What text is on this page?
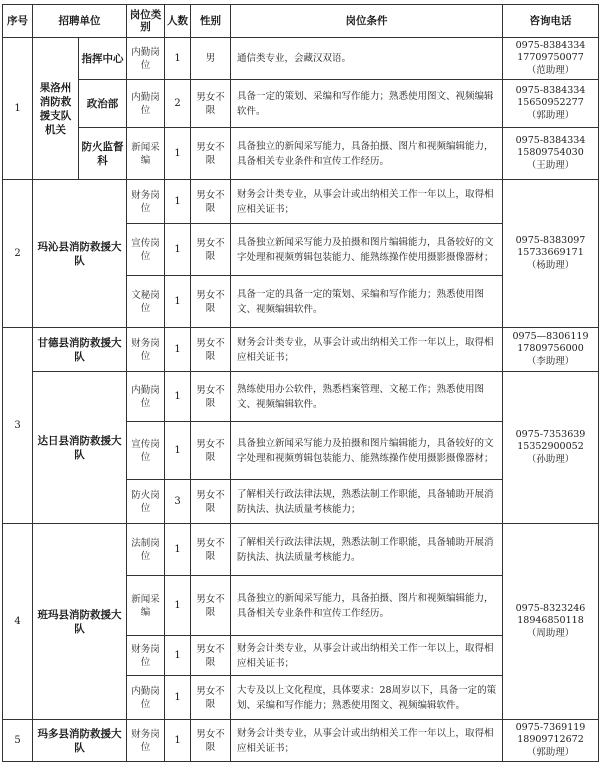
序号	招聘单位		岗位类别	人数	性别	岗位条件	咨询电话
1	果洛州消防救援支队机关	指挥中心	内勤岗位	1	男	通信类专业，会藏汉双语。	0975-8384334
17709750077
（范助理）

		政治部	内勤岗位	2	男女不限	具备一定的策划、采编和写作能力；熟悉使用图文、视频编辑软件。	0975-8384334
15650952277
（郭助理）

		防火监督科	新闻采编	1	男女不限	具备独立的新闻采写能力，具备拍摄、图片和视频编辑能力，具备相关专业条件和宣传工作经历。	0975-8384334
15809754030
（王助理）

2	玛沁县消防救援大队		财务岗位	1	男女不限	财务会计类专业，从事会计或出纳相关工作一年以上，取得相应相关证书；	0975-8383097
15733669171
（杨助理）

			宣传岗位	1	男女不限	具备独立新闻采写能力及拍摄和图片编辑能力，具备较好的文字处理和视频剪辑包装能力、能熟练操作使用摄影摄像器材；	
			文秘岗位	1	男女不限	具备一定的具备一定的策划、采编和写作能力；熟悉使用图文、视频编辑软件。	
3	甘德县消防救援大队		财务岗位	1	男女不限	财务会计类专业，从事会计或出纳相关工作一年以上，取得相应相关证书；	0975—8306119
17809756000
（李助理）

	达日县消防救援大队		内勤岗位	1	男女不限	熟练使用办公软件，熟悉档案管理、文秘工作；熟悉使用图文、视频编辑软件。	0975-7353639
15352900052
（孙助理）

			宣传岗位	1	男女不限	具备独立新闻采写能力及拍摄和图片编辑能力，具备较好的文字处理和视频剪辑包装能力、能熟练操作使用摄影摄像器材；	
			防火岗位	3	男女不限	了解相关行政法律法规，熟悉法制工作职能，具备辅助开展消防执法、执法质量考核能力；	
4	班玛县消防救援大队		法制岗位	1	男女不限	了解相关行政法律法规，熟悉法制工作职能，具备辅助开展消防执法、执法质量考核能力。	0975-8323246
18946850118
（周助理）

			新闻采编	1	男女不限	具备独立的新闻采写能力，具备拍摄、图片和视频编辑能力，具备相关专业条件和宣传工作经历。	
			财务岗位	1	男女不限	财务会计类专业，从事会计或出纳相关工作一年以上，取得相应相关证书；	
			内勤岗位	1	男女不限	大专及以上文化程度，具体要求：28周岁以下，具备一定的策划、采编和写作能力；熟悉使用图文、视频编辑软件。	
5	玛多县消防救援大队		财务岗位	1	男女不限	财务会计类专业，从事会计或出纳相关工作一年以上，取得相应相关证书；	0975-7369119
18909712672
（郭助理）
